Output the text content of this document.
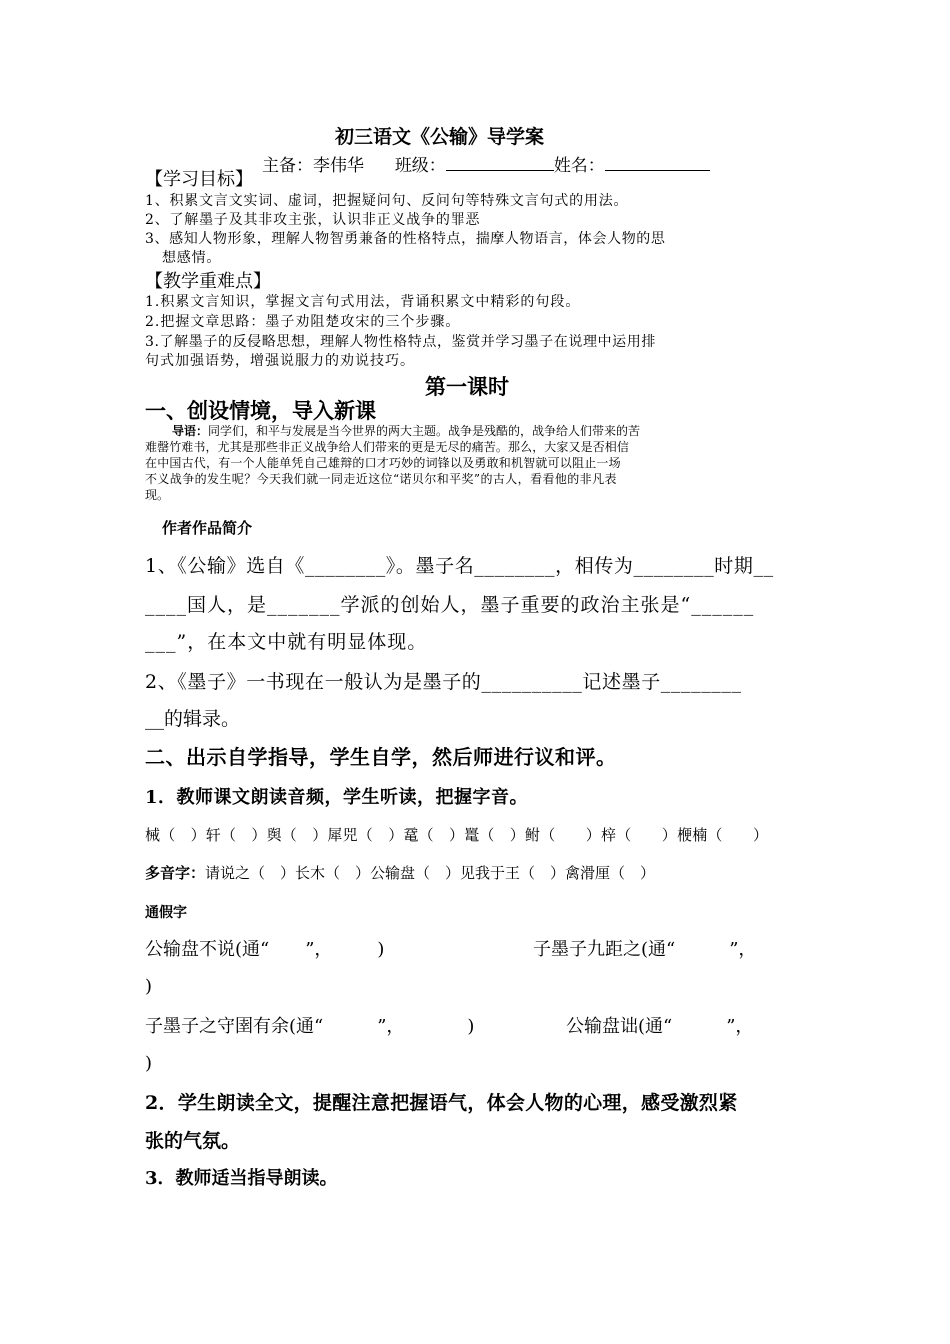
初三语文《公输》导学案
主备：李伟华 班级：	姓名：
【学习目标】
1、积累文言文实词、虚词，把握疑问句、反问句等特殊文言句式的用法。
2、了解墨子及其非攻主张，认识非正义战争的罪恶
3、感知人物形象，理解人物智勇兼备的性格特点，揣摩人物语言，体会人物的思
想感情。
【教学重难点】
1.积累文言知识，掌握文言句式用法，背诵积累文中精彩的句段。
2.把握文章思路：墨子劝阻楚攻宋的三个步骤。
3.了解墨子的反侵略思想，理解人物性格特点，鉴赏并学习墨子在说理中运用排
句式加强语势，增强说服力的劝说技巧。
第一课时
一、创设情境，导入新课
导语：同学们，和平与发展是当今世界的两大主题。战争是残酷的，战争给人们带来的苦
难罄竹难书，尤其是那些非正义战争给人们带来的更是无尽的痛苦。那么，大家又是否相信
在中国古代，有一个人能单凭自己雄辩的口才巧妙的词锋以及勇敢和机智就可以阻止一场
不义战争的发生呢？今天我们就一同走近这位“诺贝尔和平奖”的古人，看看他的非凡表
现。
作者作品简介
1、《公输》选自《________》。墨子名________，相传为________时期__
____国人，是_______学派的创始人，墨子重要的政治主张是“______
___”，在本文中就有明显体现。
2、《墨子》一书现在一般认为是墨子的__________记述墨子________
__的辑录。
二、出示自学指导，学生自学，然后师进行议和评。
1．教师课文朗读音频，学生听读，把握字音。
械（　）轩（　）舆（　）犀兕（　）鼋（　）鼍（　）鲋（　　）梓（　　）楩楠（　　）
多音字：请说之（　）长木（　）公输盘（　）见我于王（　）禽滑厘（　）
通假字
公输盘不说(通“　　”，　　　)	子墨子九距之(通“　　　”，
)
子墨子之守圉有余(通“　　　”，　　　　)	公输盘诎(通“　　　”，
)
2．学生朗读全文，提醒注意把握语气，体会人物的心理，感受激烈紧
张的气氛。
3．教师适当指导朗读。
